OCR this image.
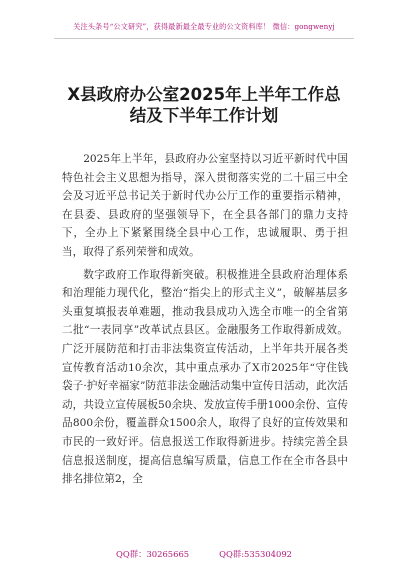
关注头条号“公文研究”，获得最新最全最专业的公文资料库！ 微信：gongwenyj
X县政府办公室2025年上半年工作总结及下半年工作计划

2025年上半年，县政府办公室坚持以习近平新时代中国特色社会主义思想为指导，深入贯彻落实党的二十届三中全会及习近平总书记关于新时代办公厅工作的重要指示精神，在县委、县政府的坚强领导下，在全县各部门的鼎力支持下，全办上下紧紧围绕全县中心工作，忠诚履职、勇于担当，取得了系列荣誉和成效。

数字政府工作取得新突破。积极推进全县政府治理体系和治理能力现代化，整治“指尖上的形式主义”，破解基层多头重复填报表单难题，推动我县成功入选全市唯一的全省第二批“一表同享”改革试点县区。金融服务工作取得新成效。广泛开展防范和打击非法集资宣传活动，上半年共开展各类宣传教育活动10余次，其中重点承办了X市2025年“守住钱袋子·护好幸福家”防范非法金融活动集中宣传日活动，此次活动，共设立宣传展板50余块、发放宣传手册1000余份、宣传品800余份，覆盖群众1500余人，取得了良好的宣传效果和市民的一致好评。信息报送工作取得新进步。持续完善全县信息报送制度，提高信息编写质量，信息工作在全市各县中排名排位第2，全

QQ群：30265665	QQ群:535304092
